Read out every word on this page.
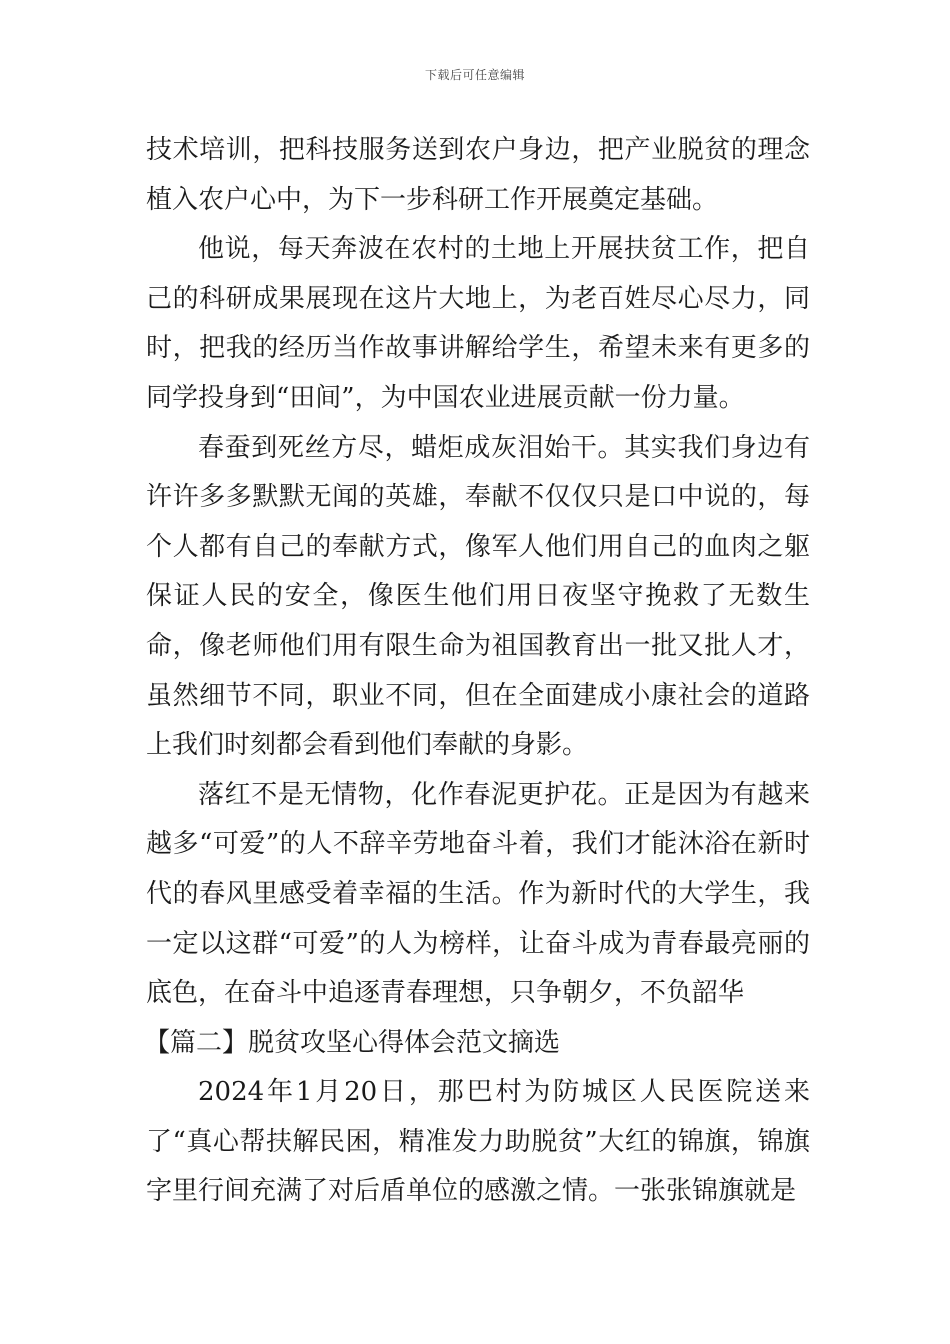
下载后可任意编辑

技术培训，把科技服务送到农户身边，把产业脱贫的理念植入农户心中，为下一步科研工作开展奠定基础。

他说，每天奔波在农村的土地上开展扶贫工作，把自己的科研成果展现在这片大地上，为老百姓尽心尽力，同时，把我的经历当作故事讲解给学生，希望未来有更多的同学投身到“田间”，为中国农业进展贡献一份力量。

春蚕到死丝方尽，蜡炬成灰泪始干。其实我们身边有许许多多默默无闻的英雄，奉献不仅仅只是口中说的，每个人都有自己的奉献方式，像军人他们用自己的血肉之躯保证人民的安全，像医生他们用日夜坚守挽救了无数生命，像老师他们用有限生命为祖国教育出一批又批人才，虽然细节不同，职业不同，但在全面建成小康社会的道路上我们时刻都会看到他们奉献的身影。

落红不是无情物，化作春泥更护花。正是因为有越来越多“可爱”的人不辞辛劳地奋斗着，我们才能沐浴在新时代的春风里感受着幸福的生活。作为新时代的大学生，我一定以这群“可爱”的人为榜样，让奋斗成为青春最亮丽的底色，在奋斗中追逐青春理想，只争朝夕，不负韶华

【篇二】脱贫攻坚心得体会范文摘选

2024年1月20日，那巴村为防城区人民医院送来了“真心帮扶解民困，精准发力助脱贫”大红的锦旗，锦旗字里行间充满了对后盾单位的感激之情。一张张锦旗就是
